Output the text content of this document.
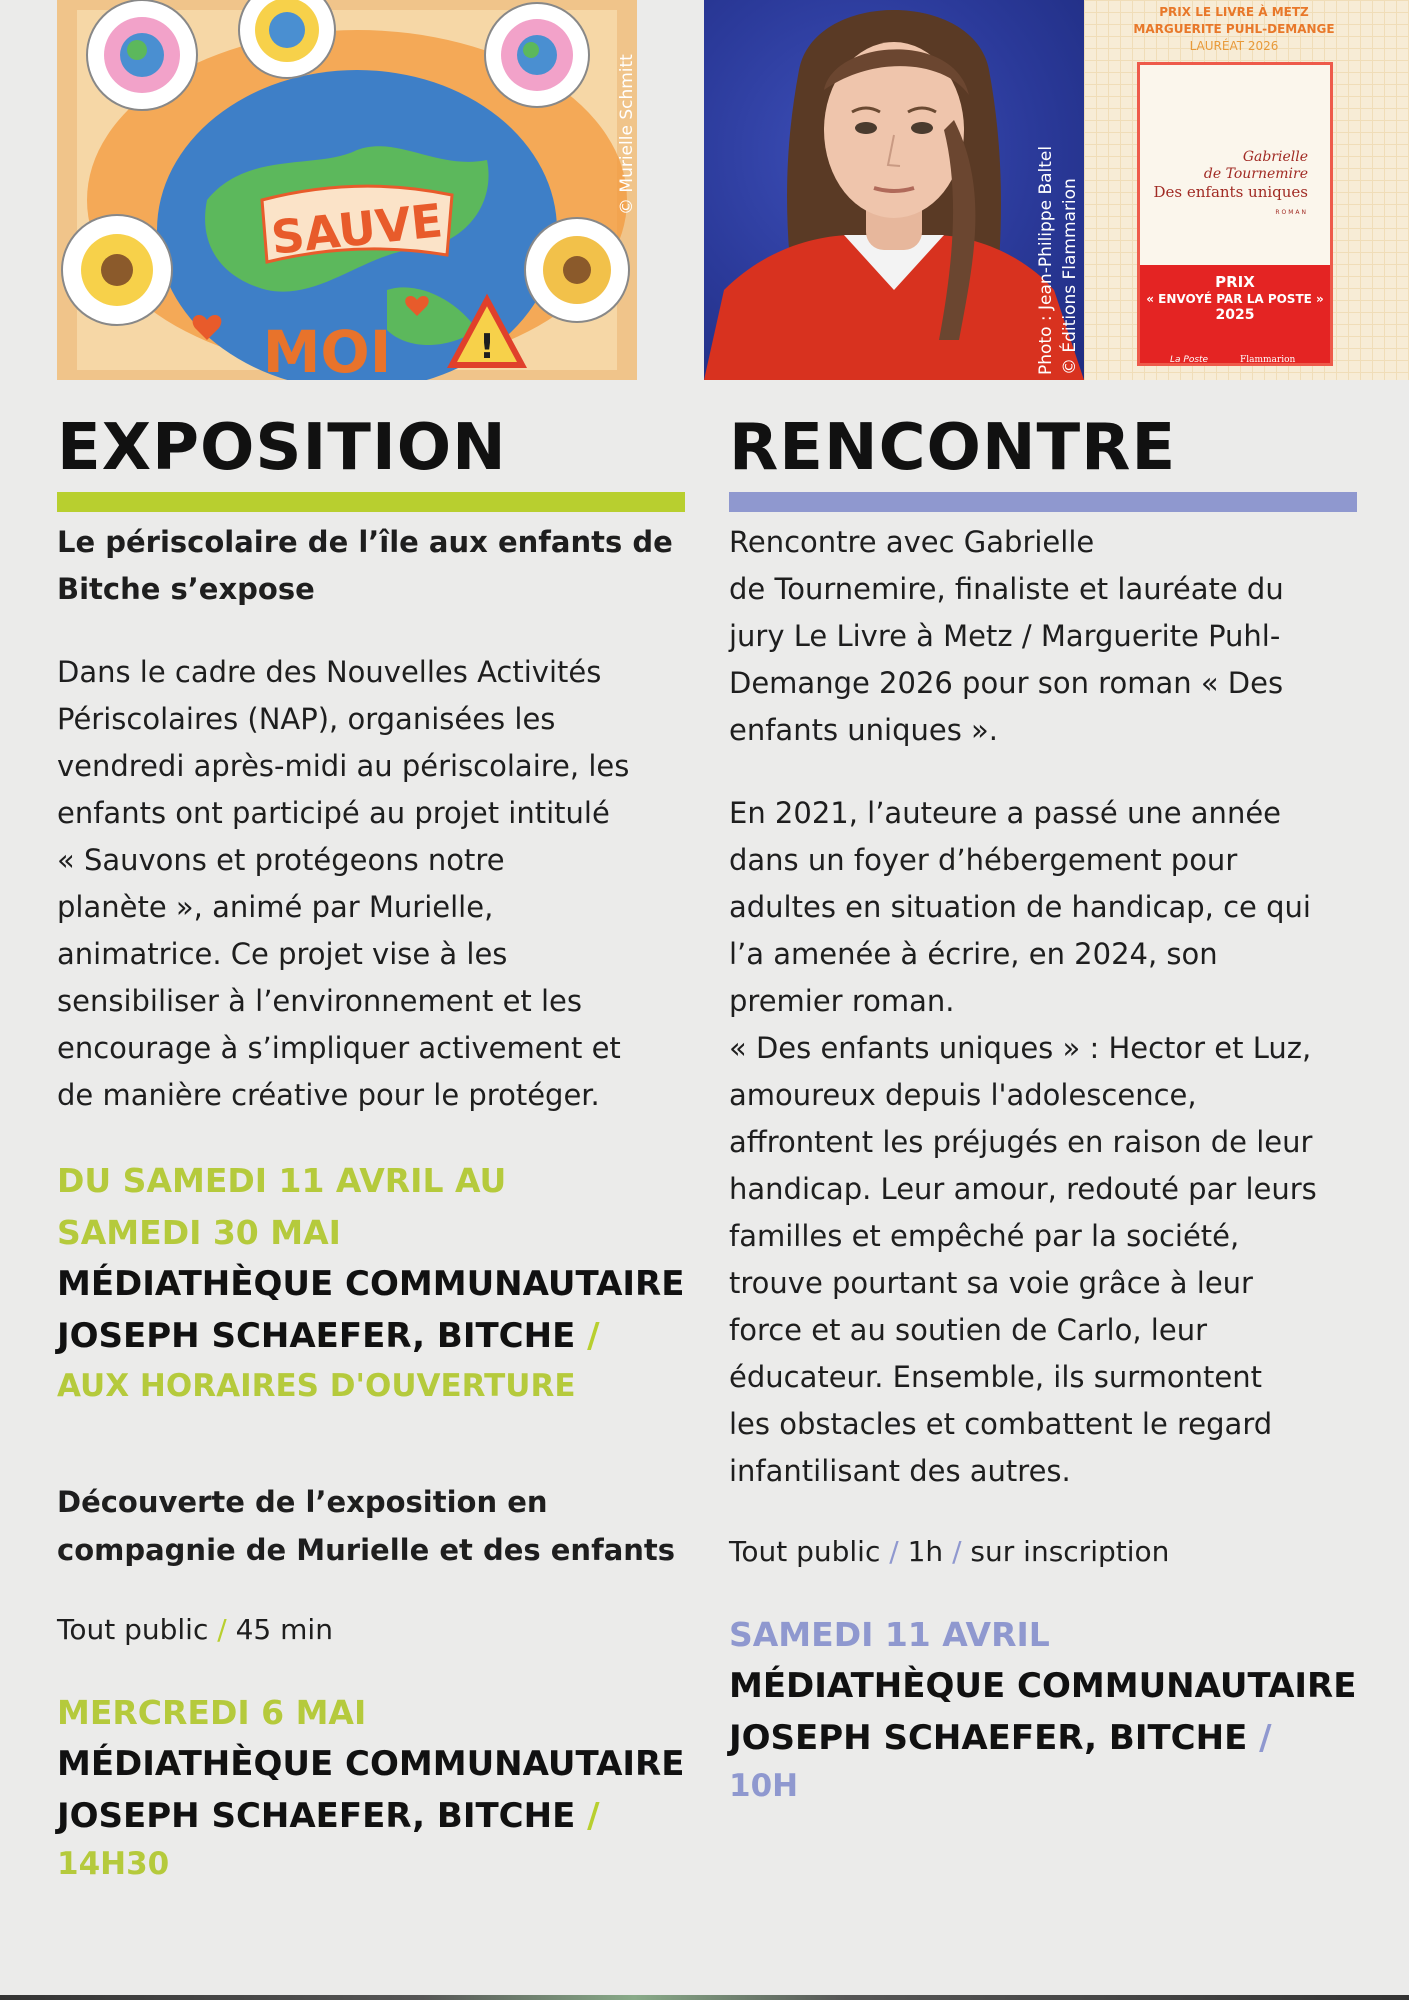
SAUVE
MOI	!
© Murielle Schmitt
Photo : Jean-Philippe Baltel © Éditions Flammarion
PRIX LE LIVRE À METZ
MARGUERITE PUHL-DEMANGE
LAURÉAT 2026
Gabrielle
de Tournemire
Des enfants uniques
ROMAN
PRIX
« ENVOYÉ PAR LA POSTE »
2025
La Poste	Flammarion
EXPOSITION	RENCONTRE

Le périscolaire de l’île aux enfants de

Bitche s’expose

Dans le cadre des Nouvelles Activités

Périscolaires (NAP), organisées les

vendredi après-midi au périscolaire, les

enfants ont participé au projet intitulé

« Sauvons et protégeons notre

planète », animé par Murielle,

animatrice. Ce projet vise à les

sensibiliser à l’environnement et les

encourage à s’impliquer activement et

de manière créative pour le protéger.

DU SAMEDI 11 AVRIL AU

SAMEDI 30 MAI

MÉDIATHÈQUE COMMUNAUTAIRE

JOSEPH SCHAEFER, BITCHE /

AUX HORAIRES D'OUVERTURE

Découverte de l’exposition en

compagnie de Murielle et des enfants

Tout public / 45 min

MERCREDI 6 MAI

MÉDIATHÈQUE COMMUNAUTAIRE

JOSEPH SCHAEFER, BITCHE /

14H30

Rencontre avec Gabrielle

de Tournemire, finaliste et lauréate du

jury Le Livre à Metz / Marguerite Puhl-

Demange 2026 pour son roman « Des

enfants uniques ».

En 2021, l’auteure a passé une année

dans un foyer d’hébergement pour

adultes en situation de handicap, ce qui

l’a amenée à écrire, en 2024, son

premier roman.

« Des enfants uniques » : Hector et Luz,

amoureux depuis l'adolescence,

affrontent les préjugés en raison de leur

handicap. Leur amour, redouté par leurs

familles et empêché par la société,

trouve pourtant sa voie grâce à leur

force et au soutien de Carlo, leur

éducateur. Ensemble, ils surmontent

les obstacles et combattent le regard

infantilisant des autres.

Tout public / 1h / sur inscription

SAMEDI 11 AVRIL

MÉDIATHÈQUE COMMUNAUTAIRE

JOSEPH SCHAEFER, BITCHE /

10H
